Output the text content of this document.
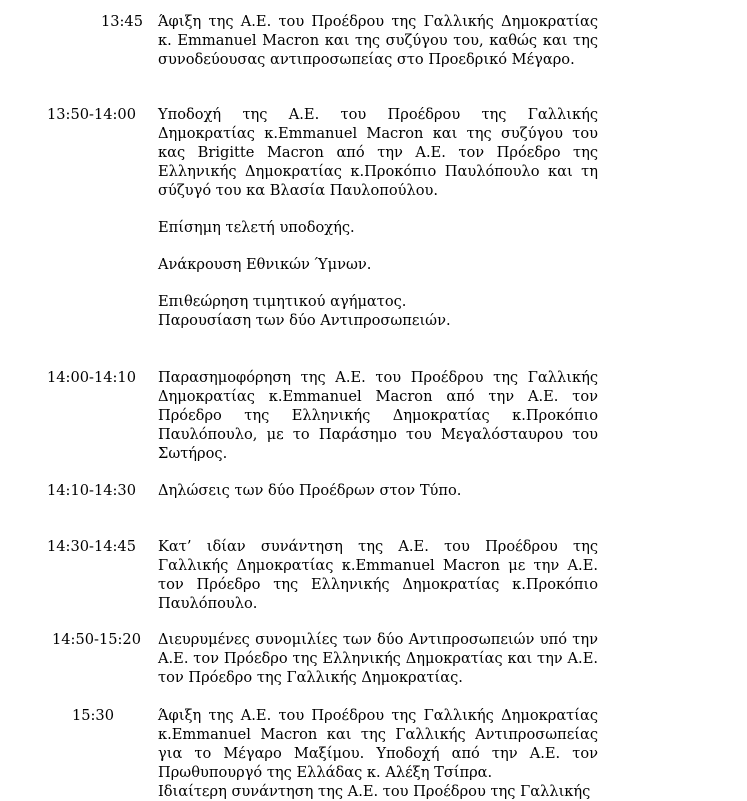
13:45 Άφιξη της Α.Ε. του Προέδρου της Γαλλικής Δημοκρατίας κ. Emmanuel Macron και της συζύγου του, καθώς και της συνοδεύουσας αντιπροσωπείας στο Προεδρικό Μέγαρο.

13:50-14:00 Υποδοχή της Α.Ε. του Προέδρου της Γαλλικής Δημοκρατίας κ.Emmanuel Macron και της συζύγου του κας Brigitte Macron από την Α.Ε. τον Πρόεδρο της Ελληνικής Δημοκρατίας κ.Προκόπιο Παυλόπουλο και τη σύζυγό του κα Βλασία Παυλοπούλου.

Επίσημη τελετή υποδοχής.

Ανάκρουση Εθνικών Ύμνων.

Επιθεώρηση τιμητικού αγήματος.

Παρουσίαση των δύο Αντιπροσωπειών.

14:00-14:10 Παρασημοφόρηση της Α.Ε. του Προέδρου της Γαλλικής Δημοκρατίας κ.Emmanuel Macron από την Α.Ε. τον Πρόεδρο της Ελληνικής Δημοκρατίας κ.Προκόπιο Παυλόπουλο, με το Παράσημο του Μεγαλόσταυρου του Σωτήρος.

14:10-14:30 Δηλώσεις των δύο Προέδρων στον Τύπο.

14:30-14:45 Κατ’ ιδίαν συνάντηση της Α.Ε. του Προέδρου της Γαλλικής Δημοκρατίας κ.Emmanuel Macron με την Α.Ε. τον Πρόεδρο της Ελληνικής Δημοκρατίας κ.Προκόπιο Παυλόπουλο.

14:50-15:20 Διευρυμένες συνομιλίες των δύο Αντιπροσωπειών υπό την Α.Ε. τον Πρόεδρο της Ελληνικής Δημοκρατίας και την Α.Ε. τον Πρόεδρο της Γαλλικής Δημοκρατίας.

15:30	Άφιξη της Α.Ε. του Προέδρου της Γαλλικής Δημοκρατίας κ.Emmanuel Macron και της Γαλλικής Αντιπροσωπείας για το Μέγαρο Μαξίμου. Υποδοχή από την Α.Ε. τον Πρωθυπουργό της Ελλάδας κ. Αλέξη Τσίπρα.

Ιδιαίτερη συνάντηση της Α.Ε. του Προέδρου της Γαλλικής
